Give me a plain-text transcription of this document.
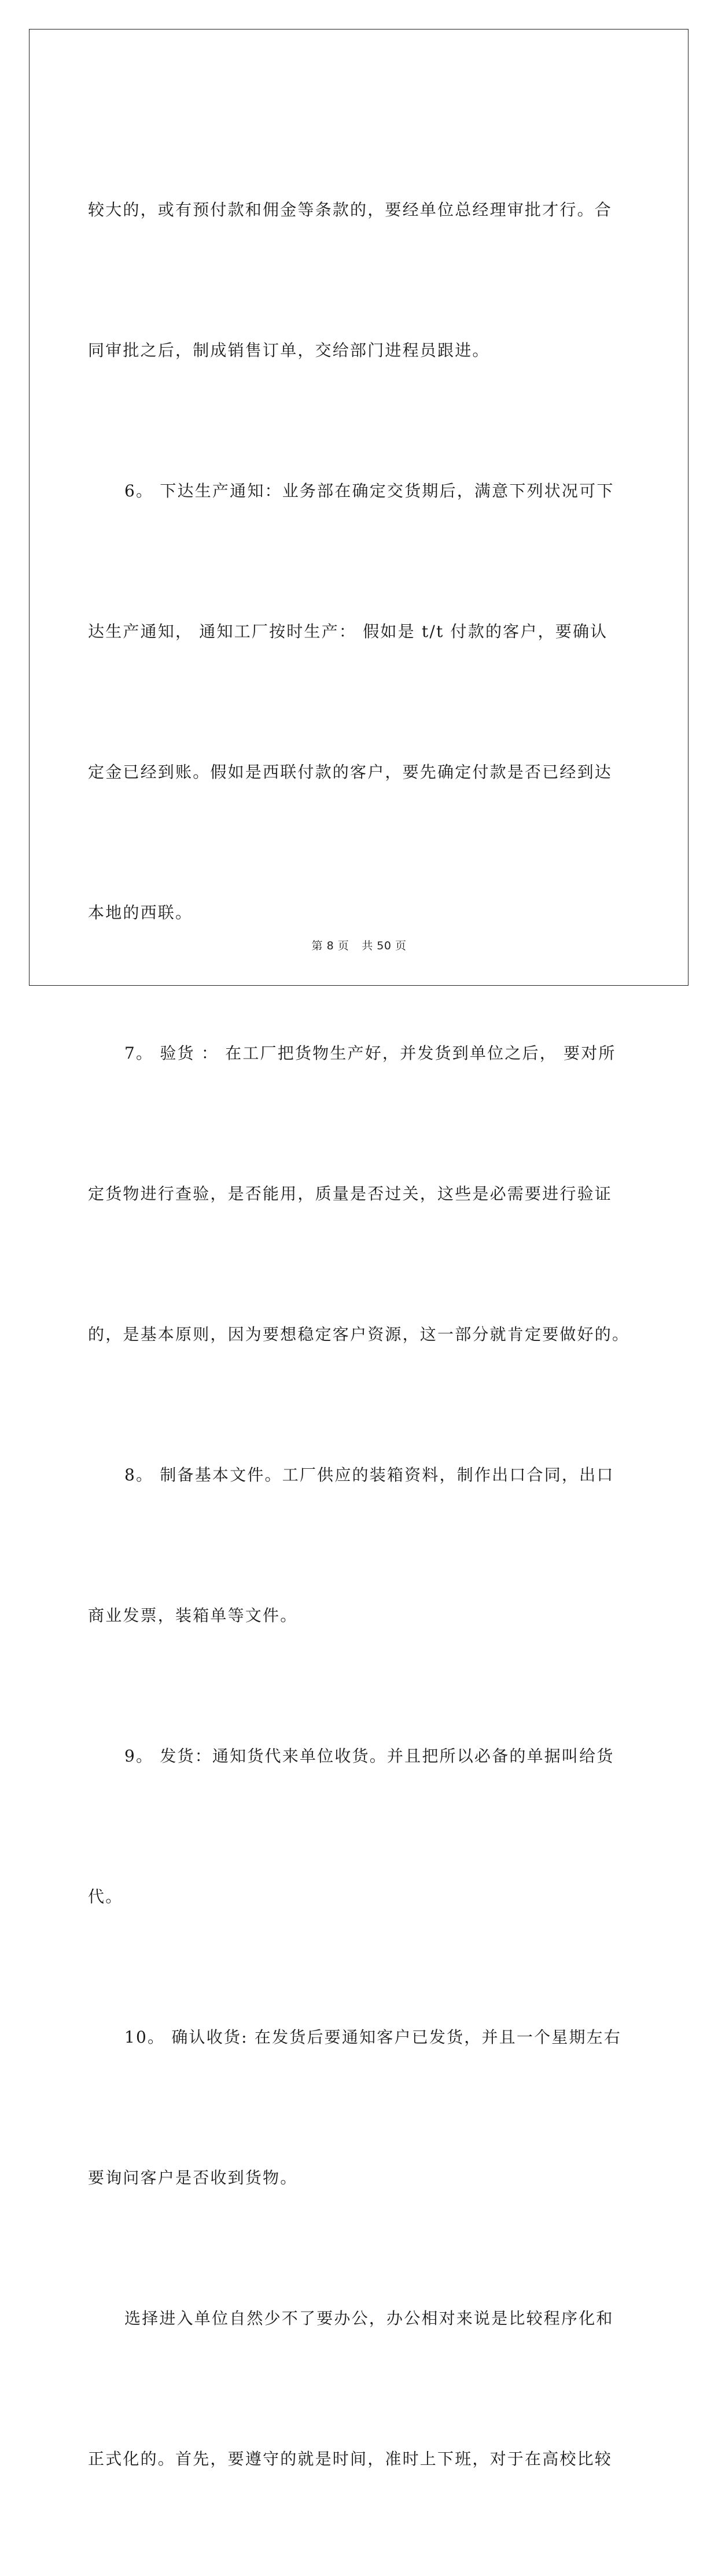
较大的，或有预付款和佣金等条款的，要经单位总经理审批才行。合

同审批之后，制成销售订单，交给部门进程员跟进。

6。 下达生产通知：业务部在确定交货期后，满意下列状况可下

达生产通知， 通知工厂按时生产： 假如是 t/t 付款的客户，要确认

定金已经到账。假如是西联付款的客户，要先确定付款是否已经到达

本地的西联。

7。 验货 ： 在工厂把货物生产好，并发货到单位之后， 要对所

定货物进行查验，是否能用，质量是否过关，这些是必需要进行验证

的，是基本原则，因为要想稳定客户资源，这一部分就肯定要做好的。

8。 制备基本文件。工厂供应的装箱资料，制作出口合同，出口

商业发票，装箱单等文件。

9。 发货：通知货代来单位收货。并且把所以必备的单据叫给货

代。

10。 确认收货: 在发货后要通知客户已发货，并且一个星期左右

要询问客户是否收到货物。

选择进入单位自然少不了要办公，办公相对来说是比较程序化和

正式化的。首先，要遵守的就是时间，准时上下班，对于在高校比较

第 8 页 共 50 页
